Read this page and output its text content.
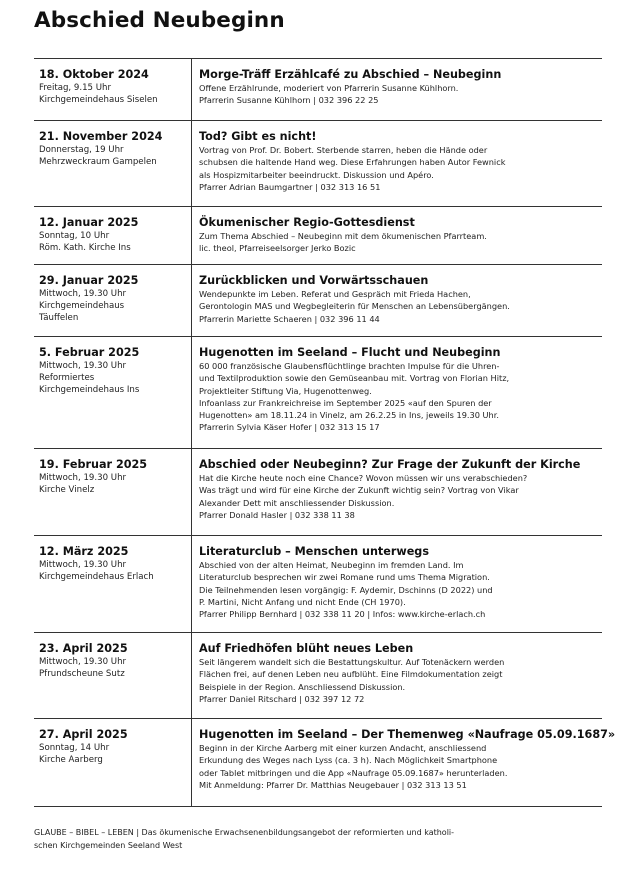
Abschied Neubeginn
18. Oktober 2024
Freitag, 9.15 Uhr
Kirchgemeindehaus Siselen
Morge-Träff Erzählcafé zu Abschied – Neubeginn
Offene Erzählrunde, moderiert von Pfarrerin Susanne Kühlhorn.
Pfarrerin Susanne Kühlhorn | 032 396 22 25
21. November 2024
Donnerstag, 19 Uhr
Mehrzweckraum Gampelen
Tod? Gibt es nicht!
Vortrag von Prof. Dr. Bobert. Sterbende starren, heben die Hände oder
schubsen die haltende Hand weg. Diese Erfahrungen haben Autor Fewnick
als Hospizmitarbeiter beeindruckt. Diskussion und Apéro.
Pfarrer Adrian Baumgartner | 032 313 16 51
12. Januar 2025
Sonntag, 10 Uhr
Röm. Kath. Kirche Ins
Ökumenischer Regio-Gottesdienst
Zum Thema Abschied – Neubeginn mit dem ökumenischen Pfarrteam.
lic. theol, Pfarreiseelsorger Jerko Bozic
29. Januar 2025
Mittwoch, 19.30 Uhr
Kirchgemeindehaus
Täuffelen
Zurückblicken und Vorwärtsschauen
Wendepunkte im Leben. Referat und Gespräch mit Frieda Hachen,
Gerontologin MAS und Wegbegleiterin für Menschen an Lebensübergängen.
Pfarrerin Mariette Schaeren | 032 396 11 44
5. Februar 2025
Mittwoch, 19.30 Uhr
Reformiertes
Kirchgemeindehaus Ins
Hugenotten im Seeland – Flucht und Neubeginn
60 000 französische Glaubensflüchtlinge brachten Impulse für die Uhren-
und Textilproduktion sowie den Gemüseanbau mit. Vortrag von Florian Hitz,
Projektleiter Stiftung Via, Hugenottenweg.
Infoanlass zur Frankreichreise im September 2025 «auf den Spuren der
Hugenotten» am 18.11.24 in Vinelz, am 26.2.25 in Ins, jeweils 19.30 Uhr.
Pfarrerin Sylvia Käser Hofer | 032 313 15 17
19. Februar 2025
Mittwoch, 19.30 Uhr
Kirche Vinelz
Abschied oder Neubeginn? Zur Frage der Zukunft der Kirche
Hat die Kirche heute noch eine Chance? Wovon müssen wir uns verabschieden?
Was trägt und wird für eine Kirche der Zukunft wichtig sein? Vortrag von Vikar
Alexander Dett mit anschliessender Diskussion.
Pfarrer Donald Hasler | 032 338 11 38
12. März 2025
Mittwoch, 19.30 Uhr
Kirchgemeindehaus Erlach
Literaturclub – Menschen unterwegs
Abschied von der alten Heimat, Neubeginn im fremden Land. Im
Literaturclub besprechen wir zwei Romane rund ums Thema Migration.
Die Teilnehmenden lesen vorgängig: F. Aydemir, Dschinns (D 2022) und
P. Martini, Nicht Anfang und nicht Ende (CH 1970).
Pfarrer Philipp Bernhard | 032 338 11 20 | Infos: www.kirche-erlach.ch
23. April 2025
Mittwoch, 19.30 Uhr
Pfrundscheune Sutz
Auf Friedhöfen blüht neues Leben
Seit längerem wandelt sich die Bestattungskultur. Auf Totenäckern werden
Flächen frei, auf denen Leben neu aufblüht. Eine Filmdokumentation zeigt
Beispiele in der Region. Anschliessend Diskussion.
Pfarrer Daniel Ritschard | 032 397 12 72
27. April 2025
Sonntag, 14 Uhr
Kirche Aarberg
Hugenotten im Seeland – Der Themenweg «Naufrage 05.09.1687»
Beginn in der Kirche Aarberg mit einer kurzen Andacht, anschliessend
Erkundung des Weges nach Lyss (ca. 3 h). Nach Möglichkeit Smartphone
oder Tablet mitbringen und die App «Naufrage 05.09.1687» herunterladen.
Mit Anmeldung: Pfarrer Dr. Matthias Neugebauer | 032 313 13 51
GLAUBE – BIBEL – LEBEN | Das ökumenische Erwachsenenbildungsangebot der reformierten und katholi-
schen Kirchgemeinden Seeland West
